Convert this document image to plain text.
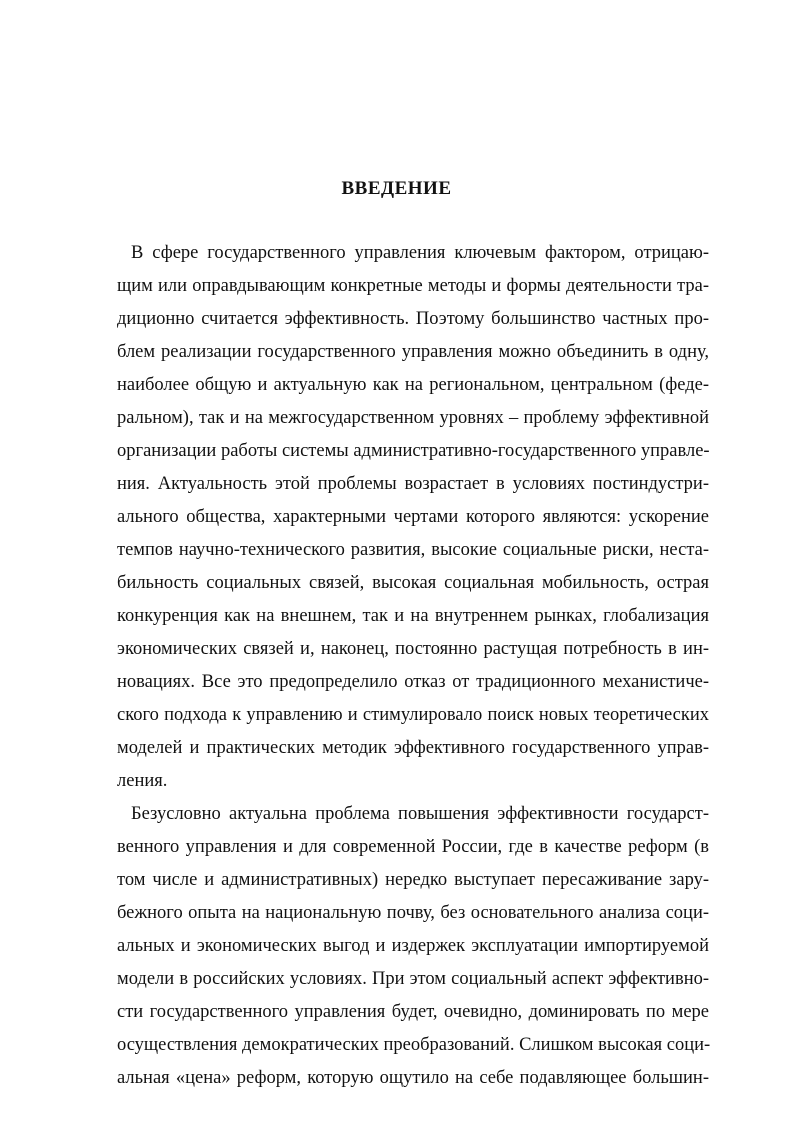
ВВЕДЕНИЕ
В сфере государственного управления ключевым фактором, отрицаю-
щим или оправдывающим конкретные методы и формы деятельности тра-
диционно считается эффективность. Поэтому большинство частных про-
блем реализации государственного управления можно объединить в одну,
наиболее общую и актуальную как на региональном, центральном (феде-
ральном), так и на межгосударственном уровнях – проблему эффективной
организации работы системы административно-государственного управле-
ния. Актуальность этой проблемы возрастает в условиях постиндустри-
ального общества, характерными чертами которого являются: ускорение
темпов научно-технического развития, высокие социальные риски, неста-
бильность социальных связей, высокая социальная мобильность, острая
конкуренция как на внешнем, так и на внутреннем рынках, глобализация
экономических связей и, наконец, постоянно растущая потребность в ин-
новациях. Все это предопределило отказ от традиционного механистиче-
ского подхода к управлению и стимулировало поиск новых теоретических
моделей и практических методик эффективного государственного управ-
ления.
Безусловно актуальна проблема повышения эффективности государст-
венного управления и для современной России, где в качестве реформ (в
том числе и административных) нередко выступает пересаживание зару-
бежного опыта на национальную почву, без основательного анализа соци-
альных и экономических выгод и издержек эксплуатации импортируемой
модели в российских условиях. При этом социальный аспект эффективно-
сти государственного управления будет, очевидно, доминировать по мере
осуществления демократических преобразований. Слишком высокая соци-
альная «цена» реформ, которую ощутило на себе подавляющее большин-
